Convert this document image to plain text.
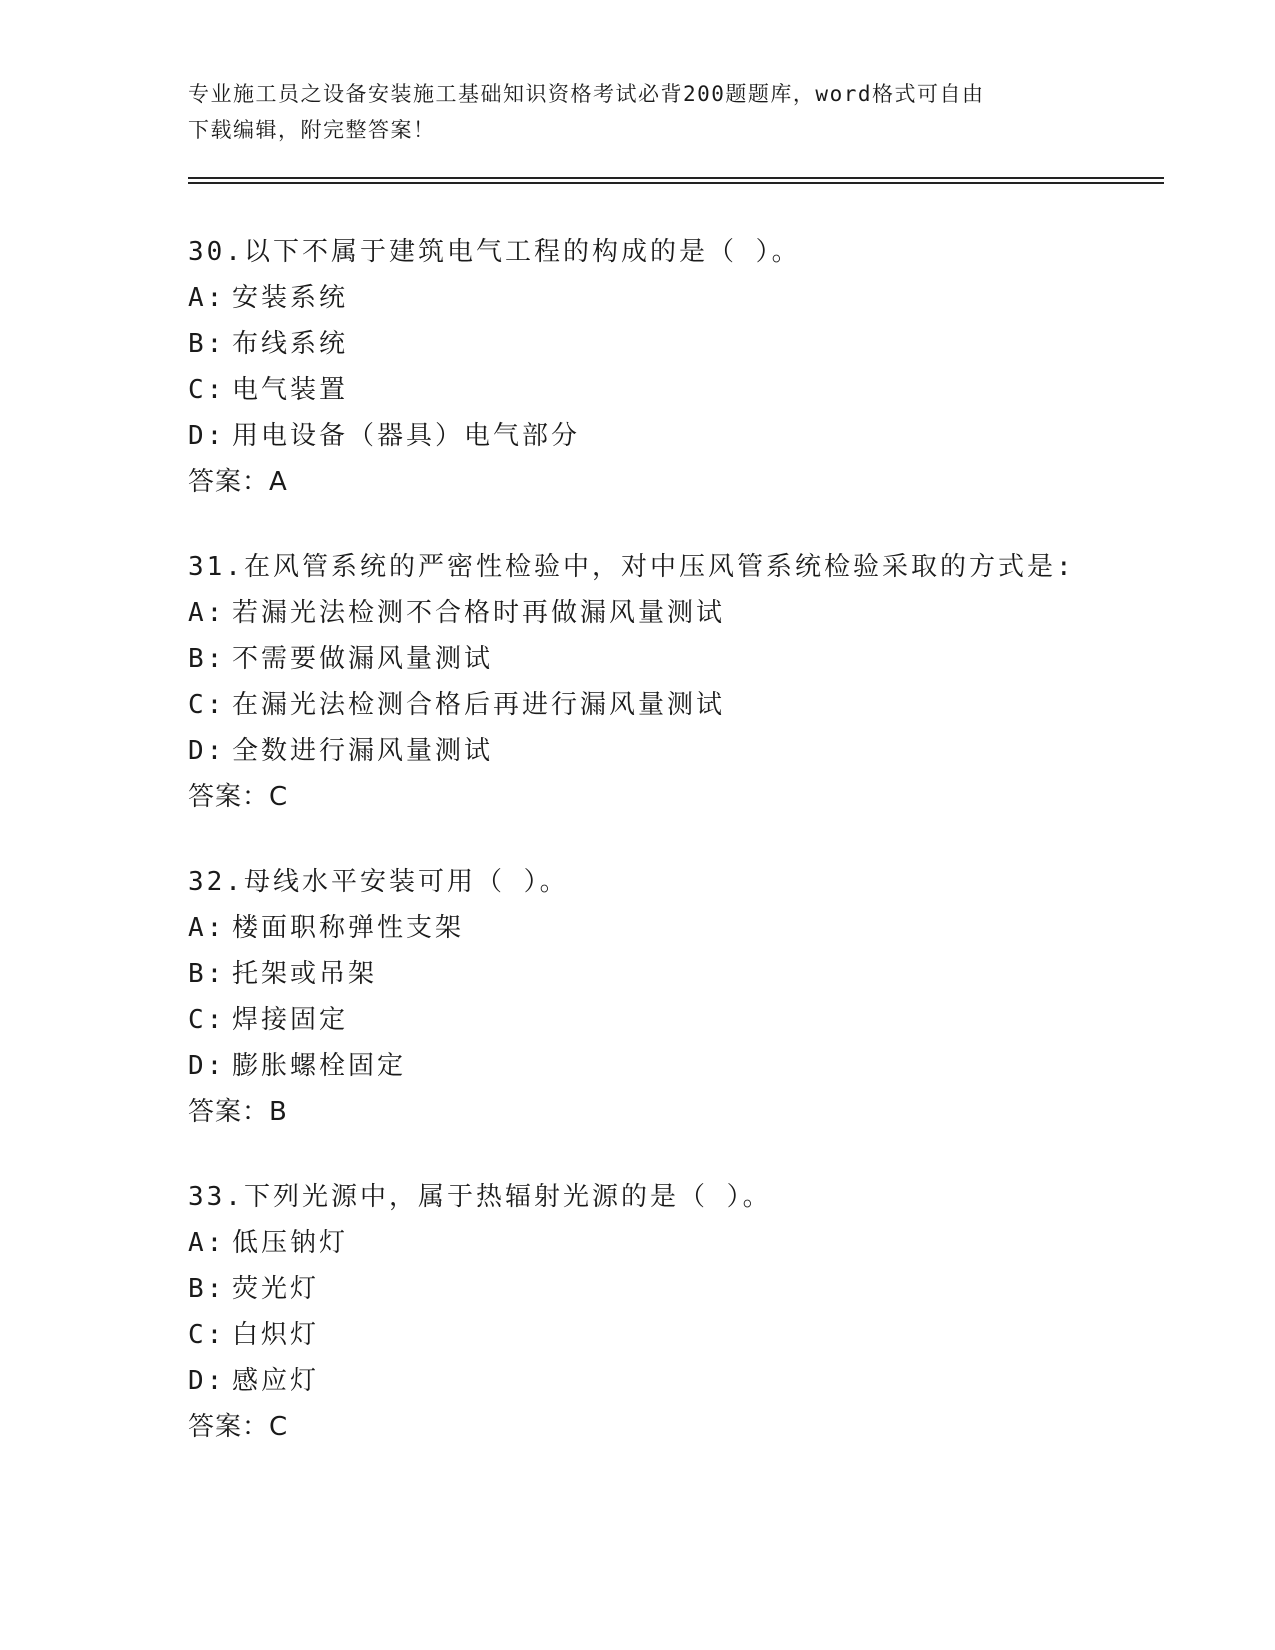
专业施工员之设备安装施工基础知识资格考试必背200题题库，word格式可自由
下载编辑，附完整答案！
30.以下不属于建筑电气工程的构成的是（ ）。
A: 安装系统
B: 布线系统
C: 电气装置
D: 用电设备（器具）电气部分
答案：A
31.在风管系统的严密性检验中，对中压风管系统检验采取的方式是:
A: 若漏光法检测不合格时再做漏风量测试
B: 不需要做漏风量测试
C: 在漏光法检测合格后再进行漏风量测试
D: 全数进行漏风量测试
答案：C
32.母线水平安装可用（ ）。
A: 楼面职称弹性支架
B: 托架或吊架
C: 焊接固定
D: 膨胀螺栓固定
答案：B
33.下列光源中，属于热辐射光源的是（ ）。
A: 低压钠灯
B: 荧光灯
C: 白炽灯
D: 感应灯
答案：C
